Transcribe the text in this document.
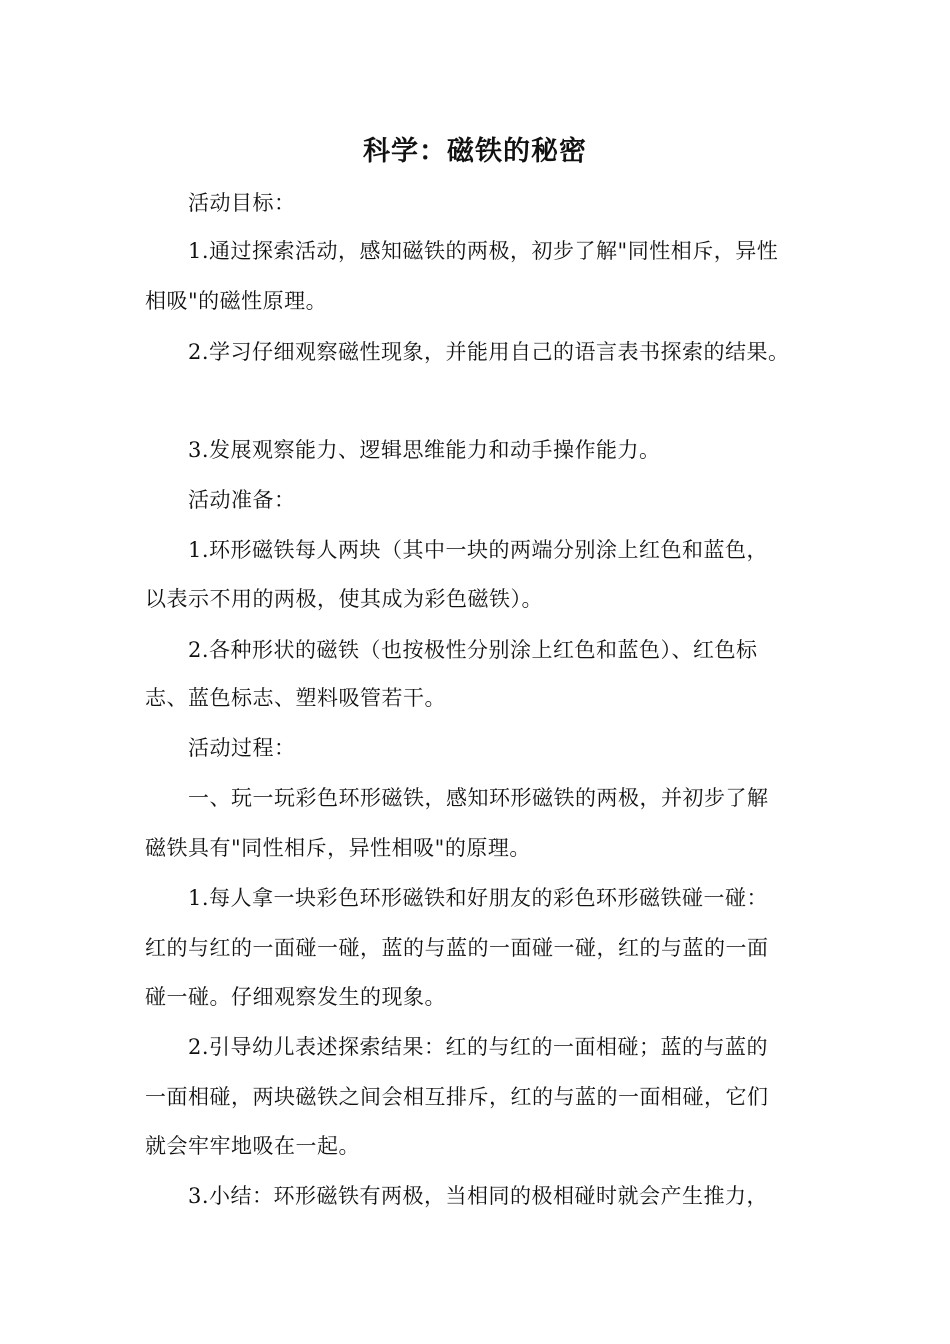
科学：磁铁的秘密
活动目标：
1.通过探索活动，感知磁铁的两极，初步了解"同性相斥，异性
相吸"的磁性原理。
2.学习仔细观察磁性现象，并能用自己的语言表书探索的结果。
3.发展观察能力、逻辑思维能力和动手操作能力。
活动准备：
1.环形磁铁每人两块（其中一块的两端分别涂上红色和蓝色，
以表示不用的两极，使其成为彩色磁铁）。
2.各种形状的磁铁（也按极性分别涂上红色和蓝色）、红色标
志、蓝色标志、塑料吸管若干。
活动过程：
一、玩一玩彩色环形磁铁，感知环形磁铁的两极，并初步了解
磁铁具有"同性相斥，异性相吸"的原理。
1.每人拿一块彩色环形磁铁和好朋友的彩色环形磁铁碰一碰：
红的与红的一面碰一碰，蓝的与蓝的一面碰一碰，红的与蓝的一面
碰一碰。仔细观察发生的现象。
2.引导幼儿表述探索结果：红的与红的一面相碰；蓝的与蓝的
一面相碰，两块磁铁之间会相互排斥，红的与蓝的一面相碰，它们
就会牢牢地吸在一起。
3.小结：环形磁铁有两极，当相同的极相碰时就会产生推力，
